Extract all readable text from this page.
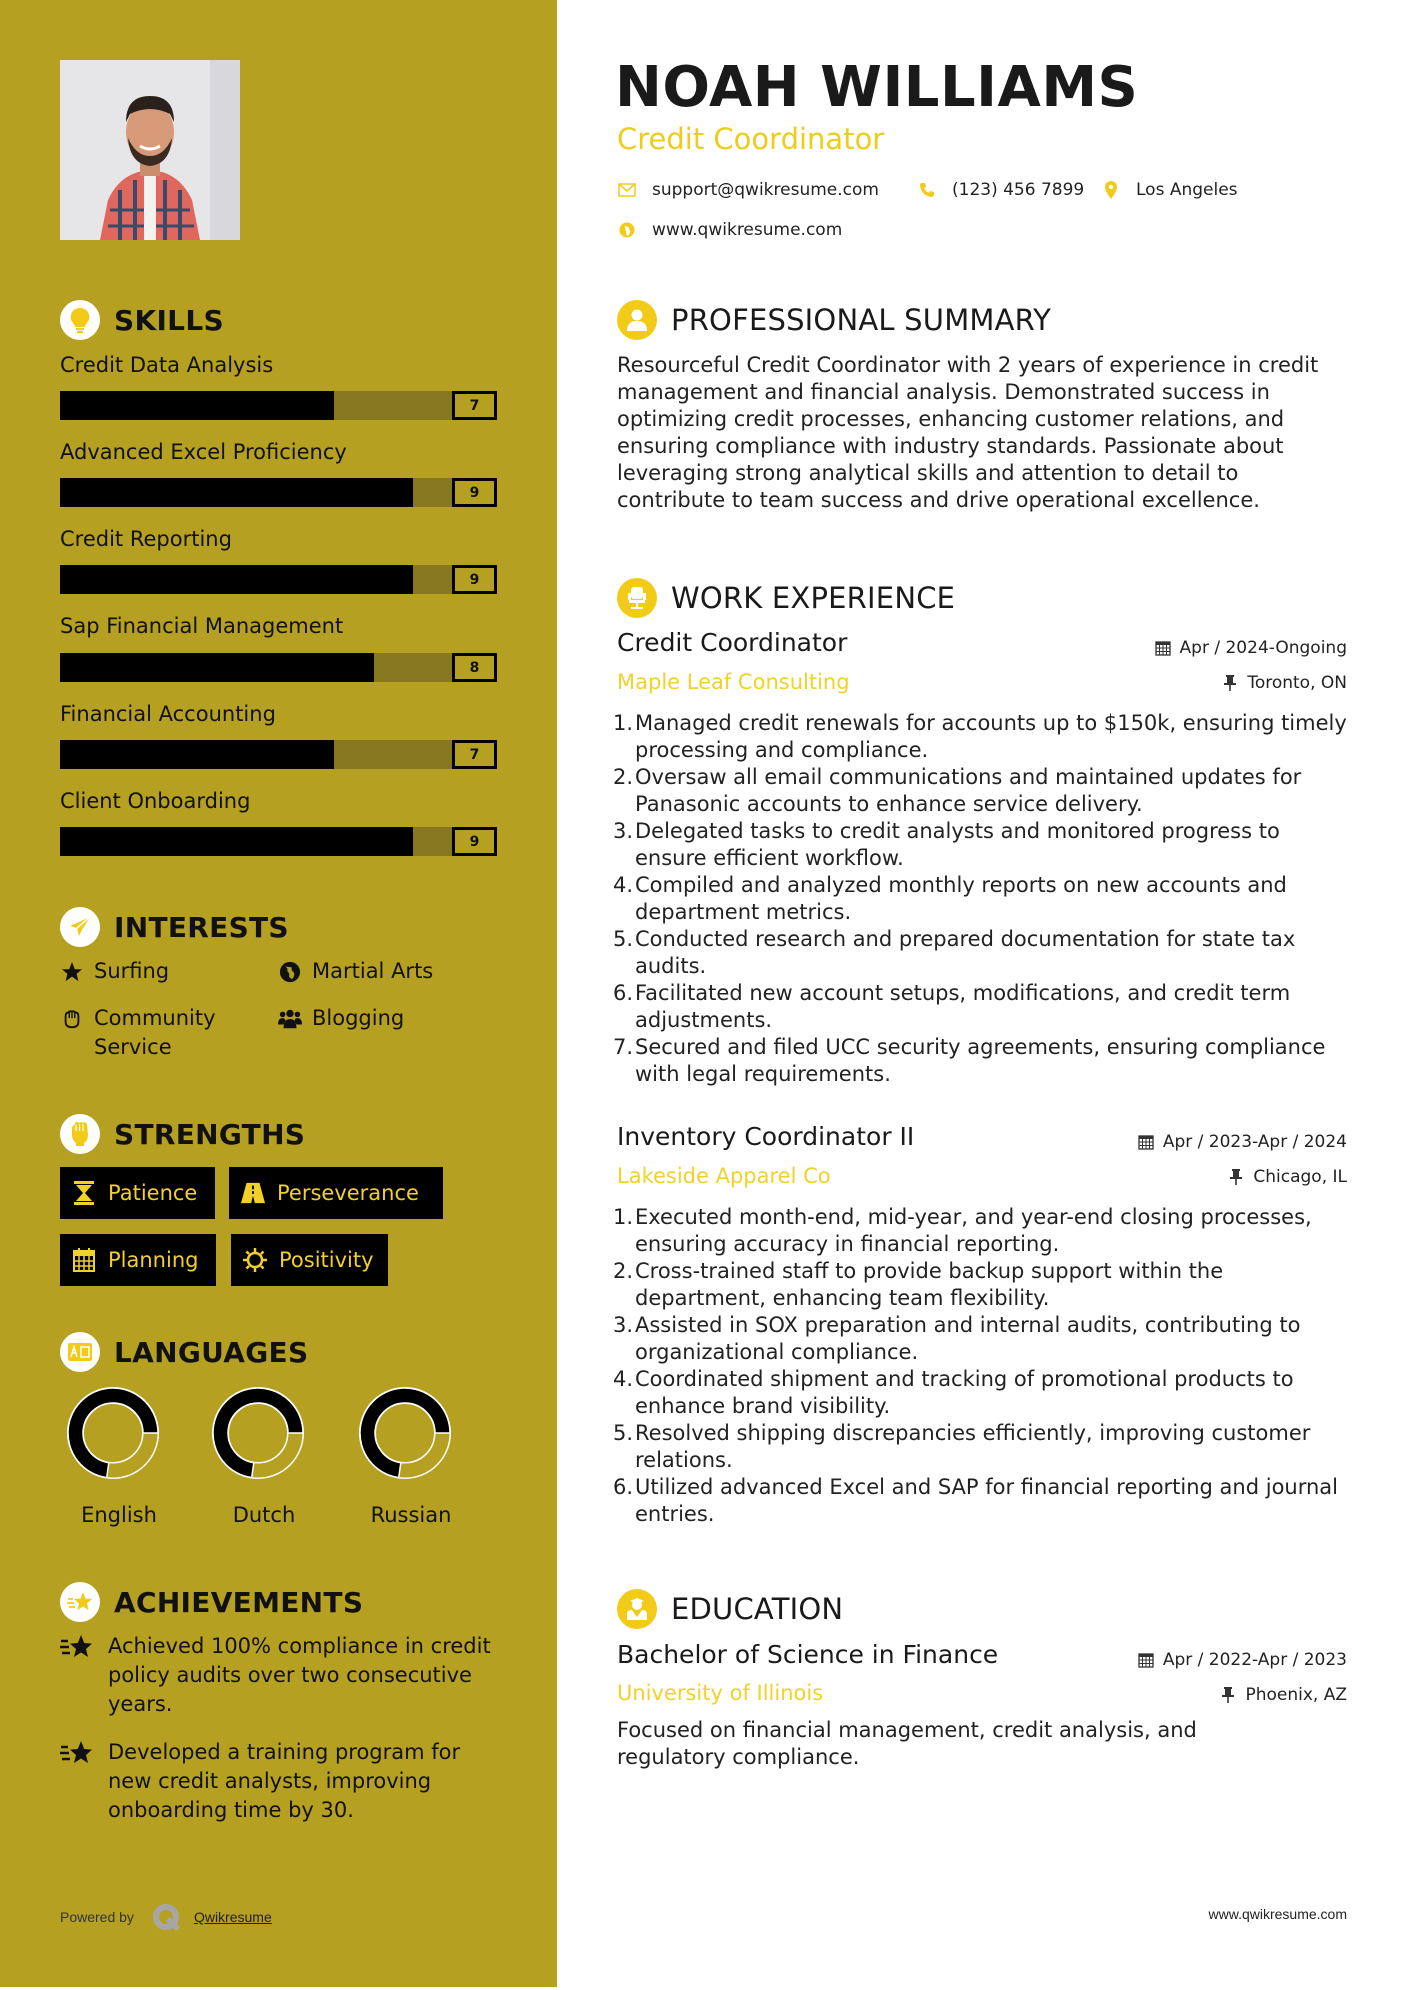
SKILLS
Credit Data Analysis
7
Advanced Excel Proficiency
9
Credit Reporting
9
Sap Financial Management
8
Financial Accounting
7
Client Onboarding
9
INTERESTS
Surfing	Martial Arts
Community
Service
Blogging
STRENGTHS
Patience	Perseverance
Planning	Positivity
LANGUAGES
English	Dutch	Russian
ACHIEVEMENTS
Achieved 100% compliance in credit policy audits over two consecutive years.
Developed a training program for new credit analysts, improving onboarding time by 30.
Powered by	Qwikresume
NOAH WILLIAMS
Credit Coordinator
support@qwikresume.com	(123) 456 7899	Los Angeles
www.qwikresume.com
PROFESSIONAL SUMMARY
Resourceful Credit Coordinator with 2 years of experience in credit management and financial analysis. Demonstrated success in optimizing credit processes, enhancing customer relations, and ensuring compliance with industry standards. Passionate about leveraging strong analytical skills and attention to detail to contribute to team success and drive operational excellence.
WORK EXPERIENCE
Credit Coordinator	Apr / 2024-Ongoing
Maple Leaf Consulting	Toronto, ON
1. Managed credit renewals for accounts up to $150k, ensuring timely processing and compliance.
2. Oversaw all email communications and maintained updates for Panasonic accounts to enhance service delivery.
3. Delegated tasks to credit analysts and monitored progress to ensure efficient workflow.
4. Compiled and analyzed monthly reports on new accounts and department metrics.
5. Conducted research and prepared documentation for state tax audits.
6. Facilitated new account setups, modifications, and credit term adjustments.
7. Secured and filed UCC security agreements, ensuring compliance with legal requirements.
Inventory Coordinator II	Apr / 2023-Apr / 2024
Lakeside Apparel Co	Chicago, IL
1. Executed month-end, mid-year, and year-end closing processes, ensuring accuracy in financial reporting.
2. Cross-trained staff to provide backup support within the department, enhancing team flexibility.
3. Assisted in SOX preparation and internal audits, contributing to organizational compliance.
4. Coordinated shipment and tracking of promotional products to enhance brand visibility.
5. Resolved shipping discrepancies efficiently, improving customer relations.
6. Utilized advanced Excel and SAP for financial reporting and journal entries.
EDUCATION
Bachelor of Science in Finance	Apr / 2022-Apr / 2023
University of Illinois	Phoenix, AZ
Focused on financial management, credit analysis, and regulatory compliance.
www.qwikresume.com
